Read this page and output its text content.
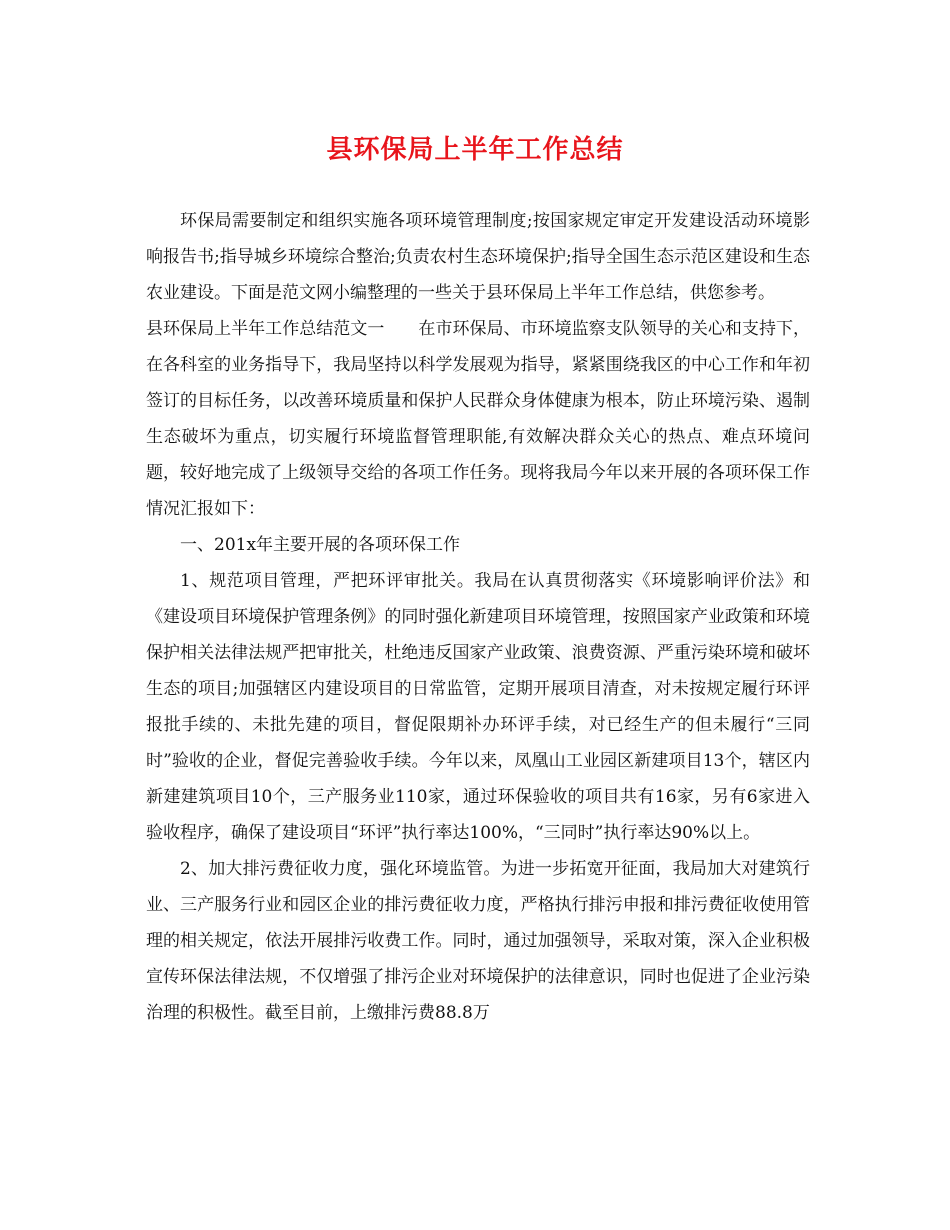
县环保局上半年工作总结

环保局需要制定和组织实施各项环境管理制度;按国家规定审定开发建设活动环境影响报告书;指导城乡环境综合整治;负责农村生态环境保护;指导全国生态示范区建设和生态农业建设。下面是范文网小编整理的一些关于县环保局上半年工作总结，供您参考。

县环保局上半年工作总结范文一　　在市环保局、市环境监察支队领导的关心和支持下，在各科室的业务指导下，我局坚持以科学发展观为指导，紧紧围绕我区的中心工作和年初签订的目标任务，以改善环境质量和保护人民群众身体健康为根本，防止环境污染、遏制生态破坏为重点，切实履行环境监督管理职能,有效解决群众关心的热点、难点环境问题，较好地完成了上级领导交给的各项工作任务。现将我局今年以来开展的各项环保工作情况汇报如下：

一、201x年主要开展的各项环保工作

1、规范项目管理，严把环评审批关。我局在认真贯彻落实《环境影响评价法》和《建设项目环境保护管理条例》的同时强化新建项目环境管理，按照国家产业政策和环境保护相关法律法规严把审批关，杜绝违反国家产业政策、浪费资源、严重污染环境和破坏生态的项目;加强辖区内建设项目的日常监管，定期开展项目清查，对未按规定履行环评报批手续的、未批先建的项目，督促限期补办环评手续，对已经生产的但未履行“三同时”验收的企业，督促完善验收手续。今年以来，凤凰山工业园区新建项目13个，辖区内新建建筑项目10个，三产服务业110家，通过环保验收的项目共有16家，另有6家进入验收程序，确保了建设项目“环评”执行率达100%，“三同时”执行率达90%以上。

2、加大排污费征收力度，强化环境监管。为进一步拓宽开征面，我局加大对建筑行业、三产服务行业和园区企业的排污费征收力度，严格执行排污申报和排污费征收使用管理的相关规定，依法开展排污收费工作。同时，通过加强领导，采取对策，深入企业积极宣传环保法律法规，不仅增强了排污企业对环境保护的法律意识，同时也促进了企业污染治理的积极性。截至目前，上缴排污费88.8万
